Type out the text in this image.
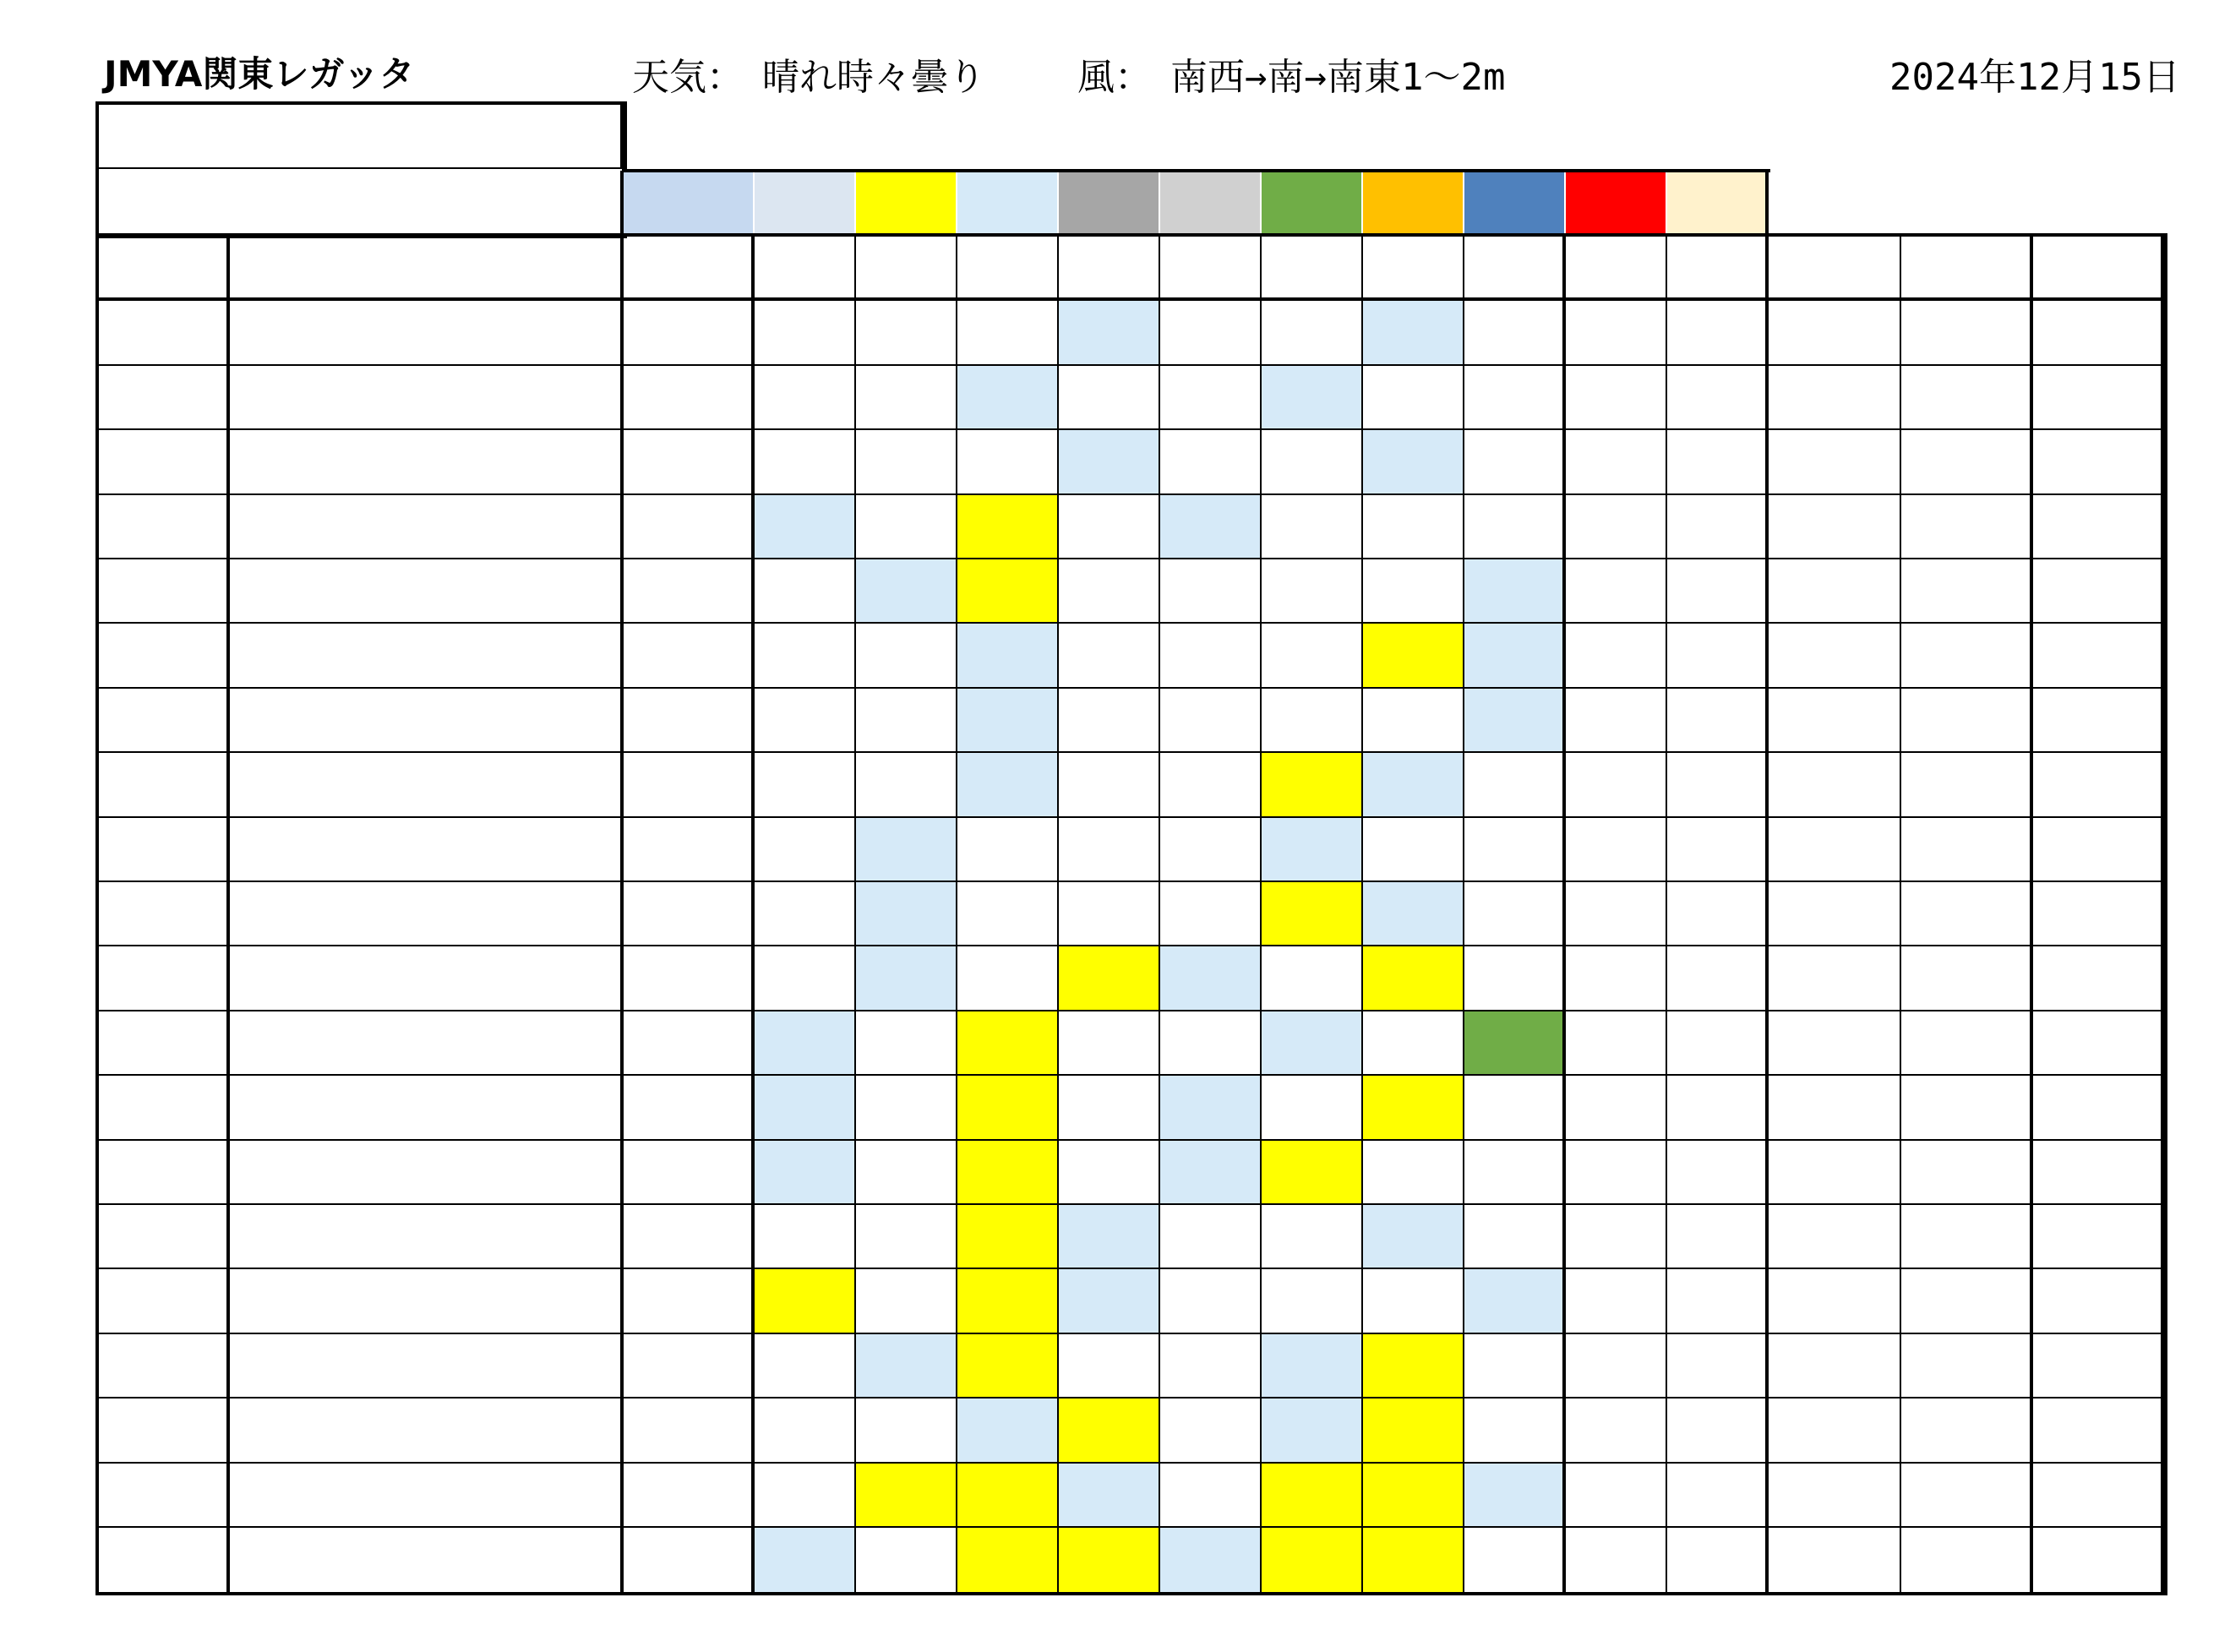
JMYA関東レガッタ	天気：　晴れ時々曇り 風：　南西→南→南東1～2m	2024年12月15日
